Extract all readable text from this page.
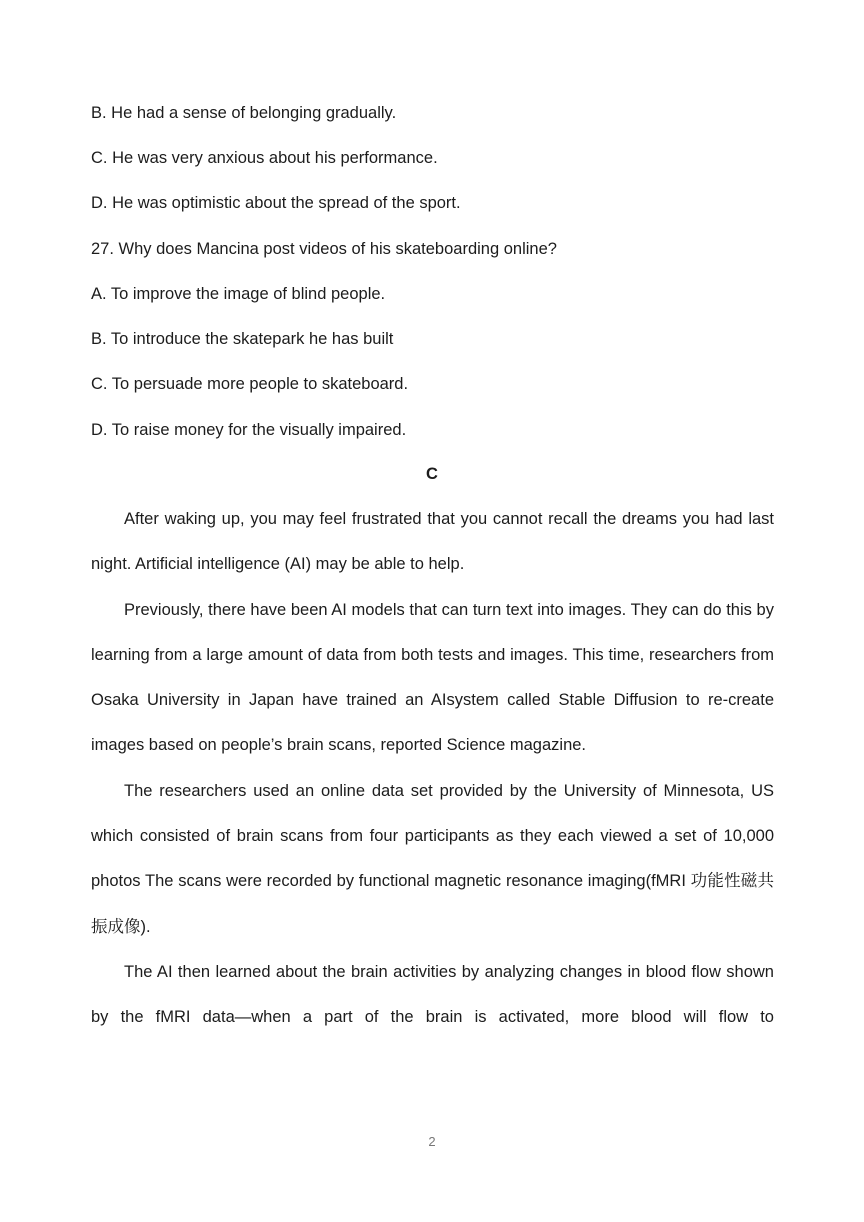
B. He had a sense of belonging gradually.
C. He was very anxious about his performance.
D. He was optimistic about the spread of the sport.
27. Why does Mancina post videos of his skateboarding online?
A. To improve the image of blind people.
B. To introduce the skatepark he has built
C. To persuade more people to skateboard.
D. To raise money for the visually impaired.
C

After waking up, you may feel frustrated that you cannot recall the dreams you had last night. Artificial intelligence (AI) may be able to help.

Previously, there have been AI models that can turn text into images. They can do this by learning from a large amount of data from both tests and images. This time, researchers from Osaka University in Japan have trained an AIsystem called Stable Diffusion to re-create images based on people’s brain scans, reported Science magazine.

The researchers used an online data set provided by the University of Minnesota, US which consisted of brain scans from four participants as they each viewed a set of 10,000 photos The scans were recorded by functional magnetic resonance imaging(fMRI 功能性磁共振成像).

The AI then learned about the brain activities by analyzing changes in blood flow shown by the fMRI data—when a part of the brain is activated, more blood will flow to

2
